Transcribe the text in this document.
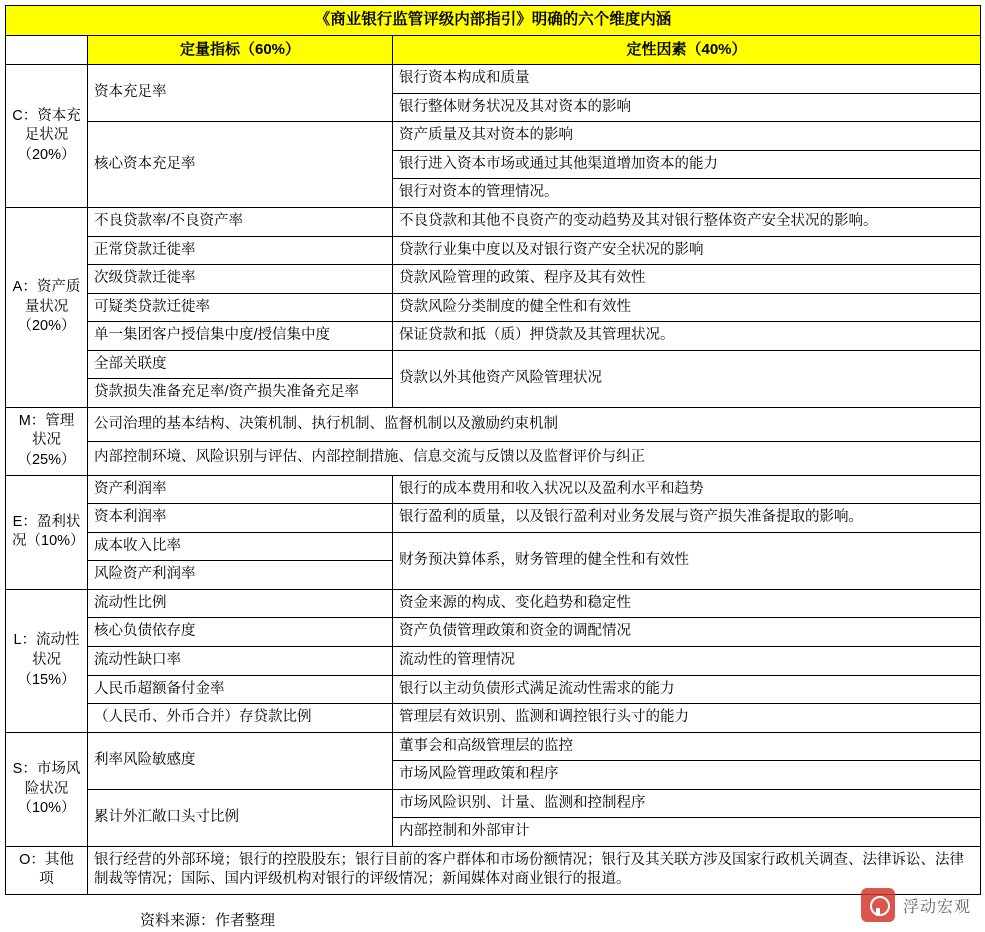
《商业银行监管评级内部指引》明确的六个维度内涵		
	定量指标（60%）	定性因素（40%）
C：资本充足状况（20%）	资本充足率	银行资本构成和质量
		银行整体财务状况及其对资本的影响
	核心资本充足率	资产质量及其对资本的影响
		银行进入资本市场或通过其他渠道增加资本的能力
		银行对资本的管理情况。
A：资产质量状况（20%）	不良贷款率/不良资产率	不良贷款和其他不良资产的变动趋势及其对银行整体资产安全状况的影响。
	正常贷款迁徙率	贷款行业集中度以及对银行资产安全状况的影响
	次级贷款迁徙率	贷款风险管理的政策、程序及其有效性
	可疑类贷款迁徙率	贷款风险分类制度的健全性和有效性
	单一集团客户授信集中度/授信集中度	保证贷款和抵（质）押贷款及其管理状况。
	全部关联度	贷款以外其他资产风险管理状况
	贷款损失准备充足率/资产损失准备充足率	
M：管理状况（25%）	公司治理的基本结构、决策机制、执行机制、监督机制以及激励约束机制	
	内部控制环境、风险识别与评估、内部控制措施、信息交流与反馈以及监督评价与纠正	
E：盈利状况（10%）	资产利润率	银行的成本费用和收入状况以及盈利水平和趋势
	资本利润率	银行盈利的质量，以及银行盈利对业务发展与资产损失准备提取的影响。
	成本收入比率	财务预决算体系，财务管理的健全性和有效性
	风险资产利润率	
L：流动性状况（15%）	流动性比例	资金来源的构成、变化趋势和稳定性
	核心负债依存度	资产负债管理政策和资金的调配情况
	流动性缺口率	流动性的管理情况
	人民币超额备付金率	银行以主动负债形式满足流动性需求的能力
	（人民币、外币合并）存贷款比例	管理层有效识别、监测和调控银行头寸的能力
S：市场风险状况（10%）	利率风险敏感度	董事会和高级管理层的监控
		市场风险管理政策和程序
	累计外汇敞口头寸比例	市场风险识别、计量、监测和控制程序
		内部控制和外部审计
O：其他项	银行经营的外部环境；银行的控股股东；银行目前的客户群体和市场份额情况；银行及其关联方涉及国家行政机关调查、法律诉讼、法律制裁等情况；国际、国内评级机构对银行的评级情况；新闻媒体对商业银行的报道。	
资料来源：作者整理
浮动宏观
